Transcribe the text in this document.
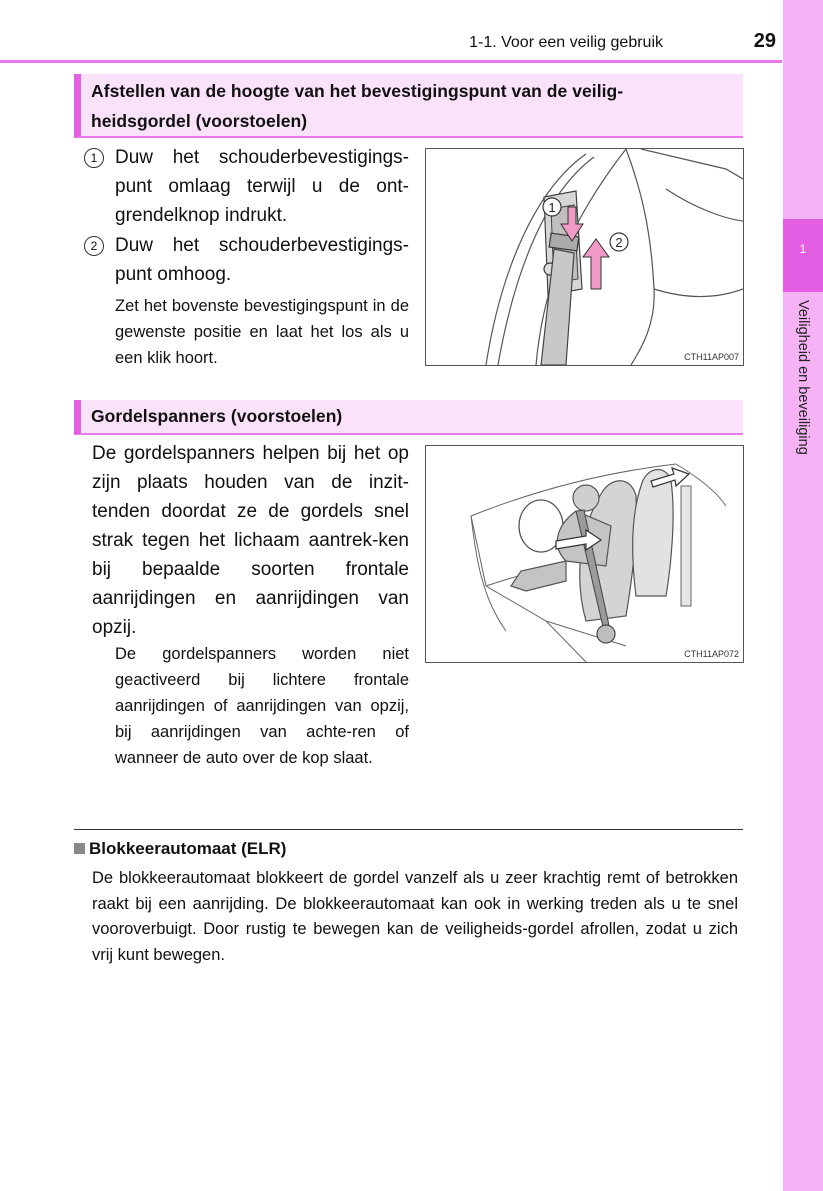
1-1. Voor een veilig gebruik	29
1
Veiligheid en beveiliging
Afstellen van de hoogte van het bevestigingspunt van de veilig-
heidsgordel (voorstoelen)
1 Duw het schouderbevestigings-punt omlaag terwijl u de ont-grendelknop indrukt.
2 Duw het schouderbevestigings-punt omhoog.
Zet het bovenste bevestigingspunt in de gewenste positie en laat het los als u een klik hoort.
1
2
CTH11AP007
Gordelspanners (voorstoelen)
De gordelspanners helpen bij het op zijn plaats houden van de inzit-tenden doordat ze de gordels snel strak tegen het lichaam aantrek-ken bij bepaalde soorten frontale aanrijdingen en aanrijdingen van opzij.
De gordelspanners worden niet geactiveerd bij lichtere frontale aanrijdingen of aanrijdingen van opzij, bij aanrijdingen van achte-ren of wanneer de auto over de kop slaat.
CTH11AP072
Blokkeerautomaat (ELR)
De blokkeerautomaat blokkeert de gordel vanzelf als u zeer krachtig remt of betrokken raakt bij een aanrijding. De blokkeerautomaat kan ook in werking treden als u te snel vooroverbuigt. Door rustig te bewegen kan de veiligheids-gordel afrollen, zodat u zich vrij kunt bewegen.
